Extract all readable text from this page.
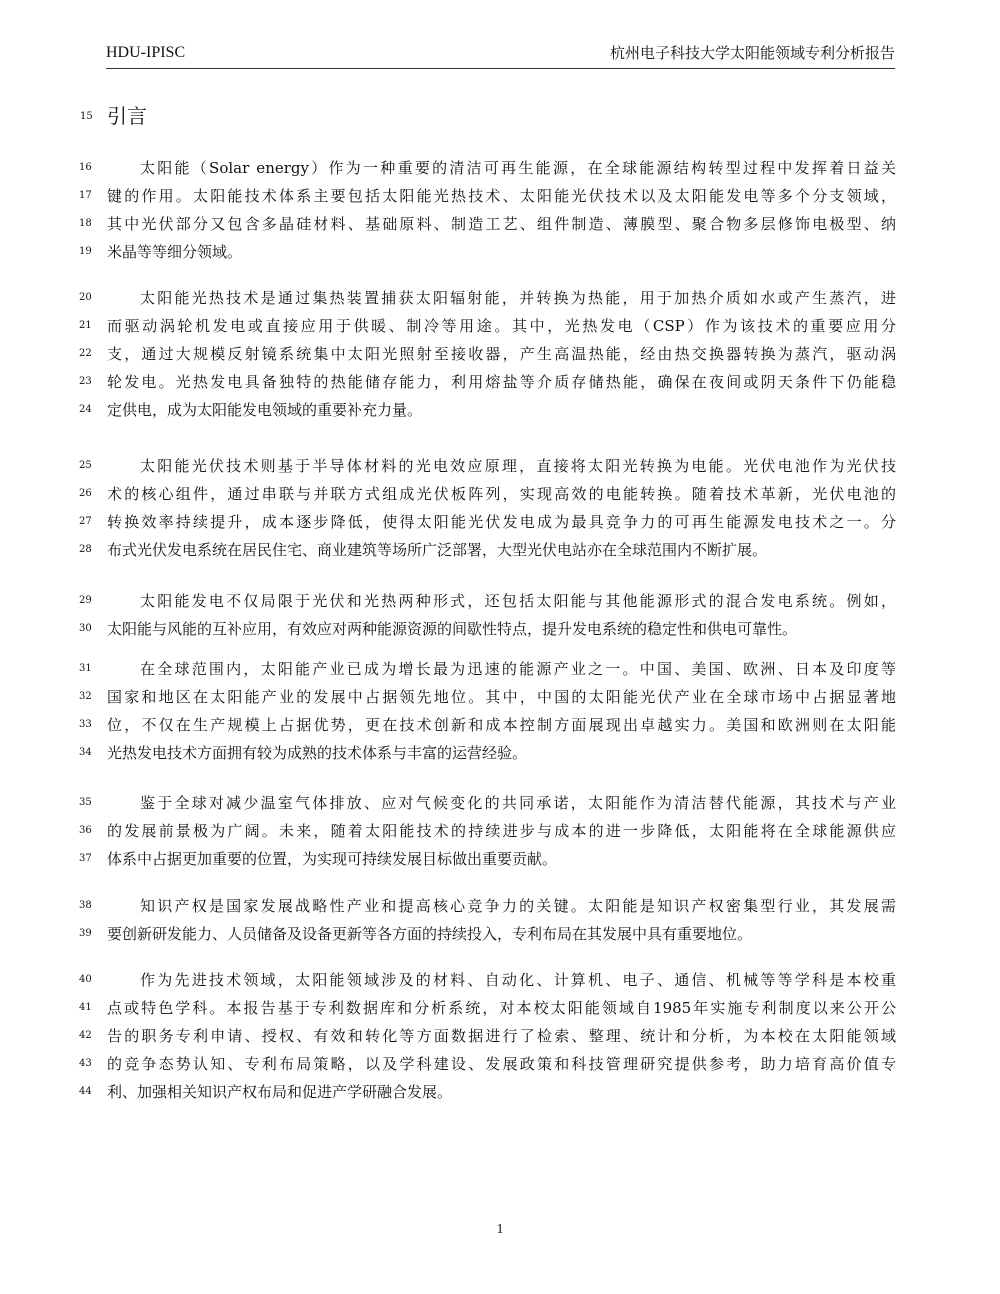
HDU-IPISC	杭州电子科技大学太阳能领域专利分析报告
15 引言
16	太阳能（Solar energy）作为一种重要的清洁可再生能源，在全球能源结构转型过程中发挥着日益关
17	键的作用。太阳能技术体系主要包括太阳能光热技术、太阳能光伏技术以及太阳能发电等多个分支领域，
18	其中光伏部分又包含多晶硅材料、基础原料、制造工艺、组件制造、薄膜型、聚合物多层修饰电极型、纳
19	米晶等等细分领域。
20	太阳能光热技术是通过集热装置捕获太阳辐射能，并转换为热能，用于加热介质如水或产生蒸汽，进
21	而驱动涡轮机发电或直接应用于供暖、制冷等用途。其中，光热发电（CSP）作为该技术的重要应用分
22	支，通过大规模反射镜系统集中太阳光照射至接收器，产生高温热能，经由热交换器转换为蒸汽，驱动涡
23	轮发电。光热发电具备独特的热能储存能力，利用熔盐等介质存储热能，确保在夜间或阴天条件下仍能稳
24	定供电，成为太阳能发电领域的重要补充力量。
25	太阳能光伏技术则基于半导体材料的光电效应原理，直接将太阳光转换为电能。光伏电池作为光伏技
26	术的核心组件，通过串联与并联方式组成光伏板阵列，实现高效的电能转换。随着技术革新，光伏电池的
27	转换效率持续提升，成本逐步降低，使得太阳能光伏发电成为最具竞争力的可再生能源发电技术之一。分
28	布式光伏发电系统在居民住宅、商业建筑等场所广泛部署，大型光伏电站亦在全球范围内不断扩展。
29	太阳能发电不仅局限于光伏和光热两种形式，还包括太阳能与其他能源形式的混合发电系统。例如，
30	太阳能与风能的互补应用，有效应对两种能源资源的间歇性特点，提升发电系统的稳定性和供电可靠性。
31	在全球范围内，太阳能产业已成为增长最为迅速的能源产业之一。中国、美国、欧洲、日本及印度等
32	国家和地区在太阳能产业的发展中占据领先地位。其中，中国的太阳能光伏产业在全球市场中占据显著地
33	位，不仅在生产规模上占据优势，更在技术创新和成本控制方面展现出卓越实力。美国和欧洲则在太阳能
34	光热发电技术方面拥有较为成熟的技术体系与丰富的运营经验。
35	鉴于全球对减少温室气体排放、应对气候变化的共同承诺，太阳能作为清洁替代能源，其技术与产业
36	的发展前景极为广阔。未来，随着太阳能技术的持续进步与成本的进一步降低，太阳能将在全球能源供应
37	体系中占据更加重要的位置，为实现可持续发展目标做出重要贡献。
38	知识产权是国家发展战略性产业和提高核心竞争力的关键。太阳能是知识产权密集型行业，其发展需
39	要创新研发能力、人员储备及设备更新等各方面的持续投入，专利布局在其发展中具有重要地位。
40	作为先进技术领域，太阳能领域涉及的材料、自动化、计算机、电子、通信、机械等等学科是本校重
41	点或特色学科。本报告基于专利数据库和分析系统，对本校太阳能领域自1985年实施专利制度以来公开公
42	告的职务专利申请、授权、有效和转化等方面数据进行了检索、整理、统计和分析，为本校在太阳能领域
43	的竞争态势认知、专利布局策略，以及学科建设、发展政策和科技管理研究提供参考，助力培育高价值专
44	利、加强相关知识产权布局和促进产学研融合发展。
1
